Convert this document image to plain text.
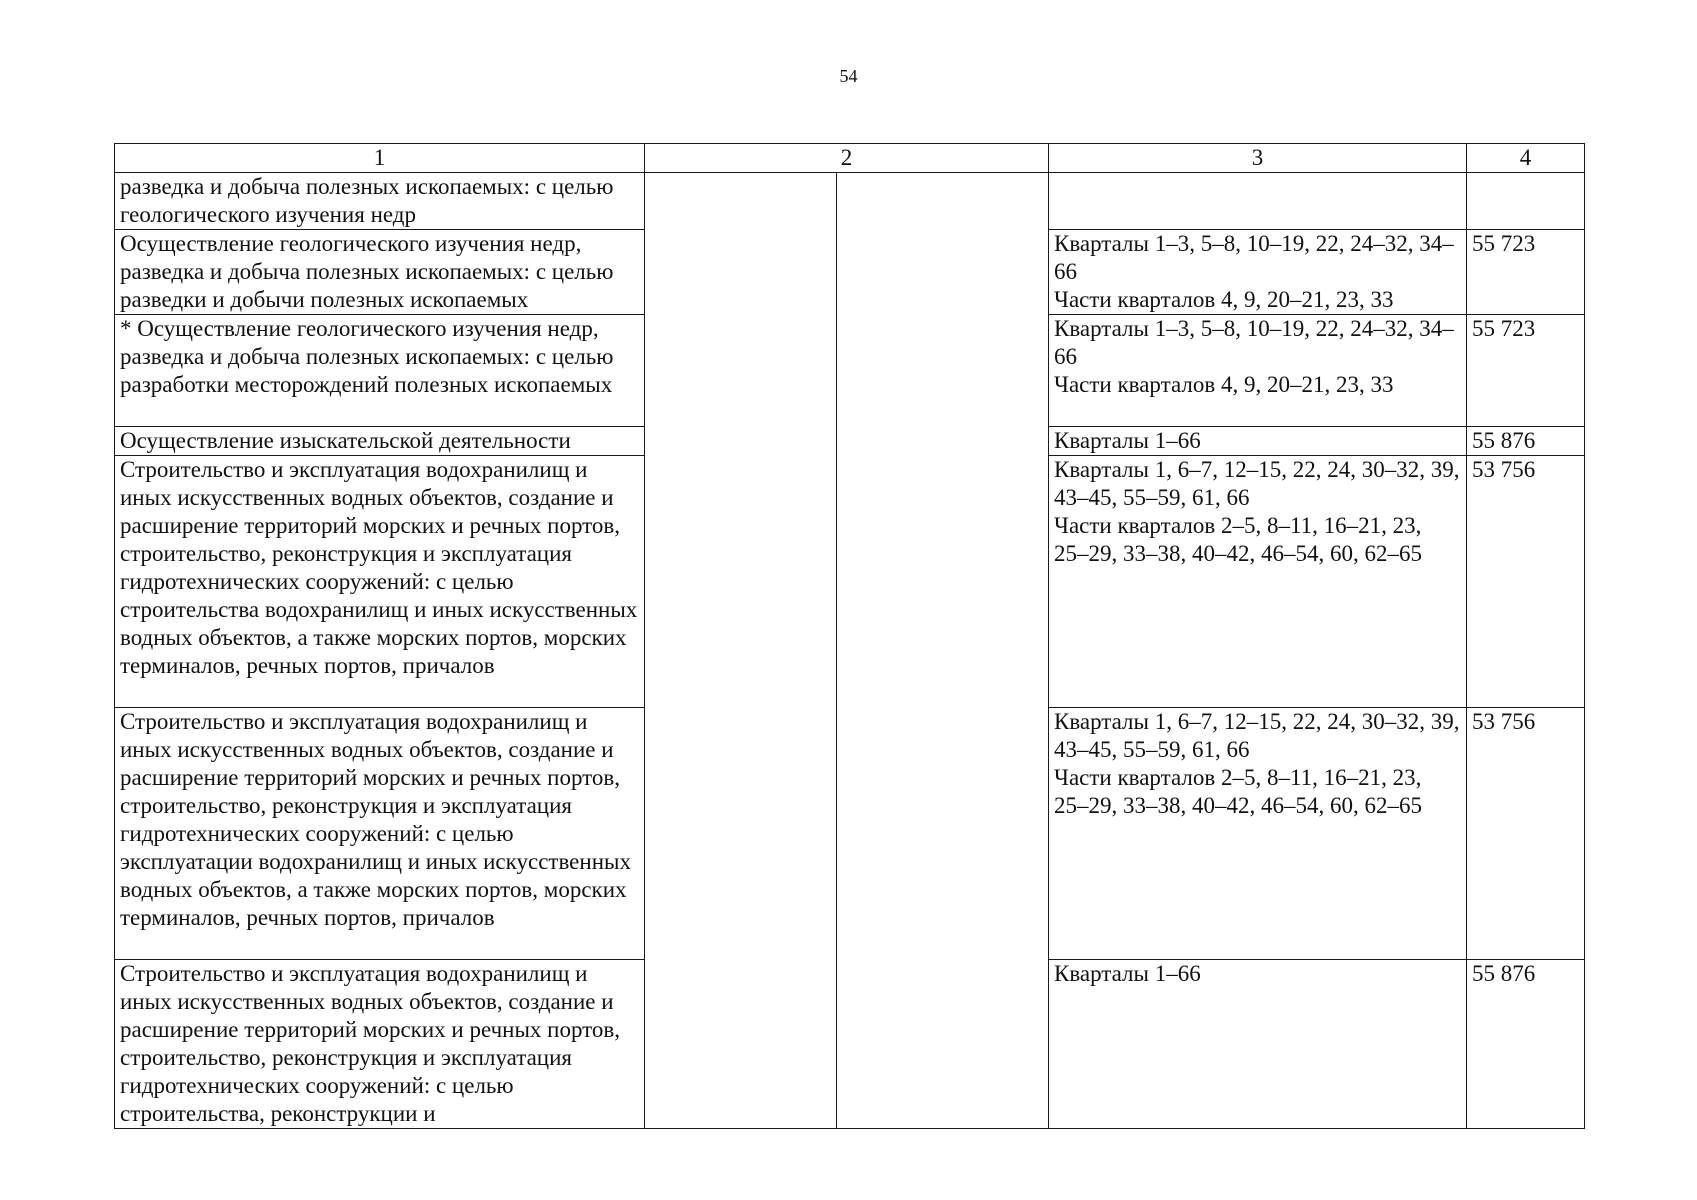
54
1	2		3	4
разведка и добыча полезных ископаемых: с целью геологического изучения недр				
Осуществление геологического изучения недр, разведка и добыча полезных ископаемых: с целью разведки и добычи полезных ископаемых			Кварталы 1–3, 5–8, 10–19, 22, 24–32, 34–66
Части кварталов 4, 9, 20–21, 23, 33	55 723
* Осуществление геологического изучения недр, разведка и добыча полезных ископаемых: с целью разработки месторождений полезных ископаемых			Кварталы 1–3, 5–8, 10–19, 22, 24–32, 34–66
Части кварталов 4, 9, 20–21, 23, 33	55 723
Осуществление изыскательской деятельности			Кварталы 1–66	55 876
Строительство и эксплуатация водохранилищ и иных искусственных водных объектов, создание и расширение территорий морских и речных портов, строительство, реконструкция и эксплуатация гидротехнических сооружений: с целью строительства водохранилищ и иных искусственных водных объектов, а также морских портов, морских терминалов, речных портов, причалов			Кварталы 1, 6–7, 12–15, 22, 24, 30–32, 39, 43–45, 55–59, 61, 66
Части кварталов 2–5, 8–11, 16–21, 23, 25–29, 33–38, 40–42, 46–54, 60, 62–65	53 756
Строительство и эксплуатация водохранилищ и иных искусственных водных объектов, создание и расширение территорий морских и речных портов, строительство, реконструкция и эксплуатация гидротехнических сооружений: с целью эксплуатации водохранилищ и иных искусственных водных объектов, а также морских портов, морских терминалов, речных портов, причалов			Кварталы 1, 6–7, 12–15, 22, 24, 30–32, 39, 43–45, 55–59, 61, 66
Части кварталов 2–5, 8–11, 16–21, 23, 25–29, 33–38, 40–42, 46–54, 60, 62–65	53 756
Строительство и эксплуатация водохранилищ и иных искусственных водных объектов, создание и расширение территорий морских и речных портов, строительство, реконструкция и эксплуатация гидротехнических сооружений: с целью строительства, реконструкции и			Кварталы 1–66	55 876
